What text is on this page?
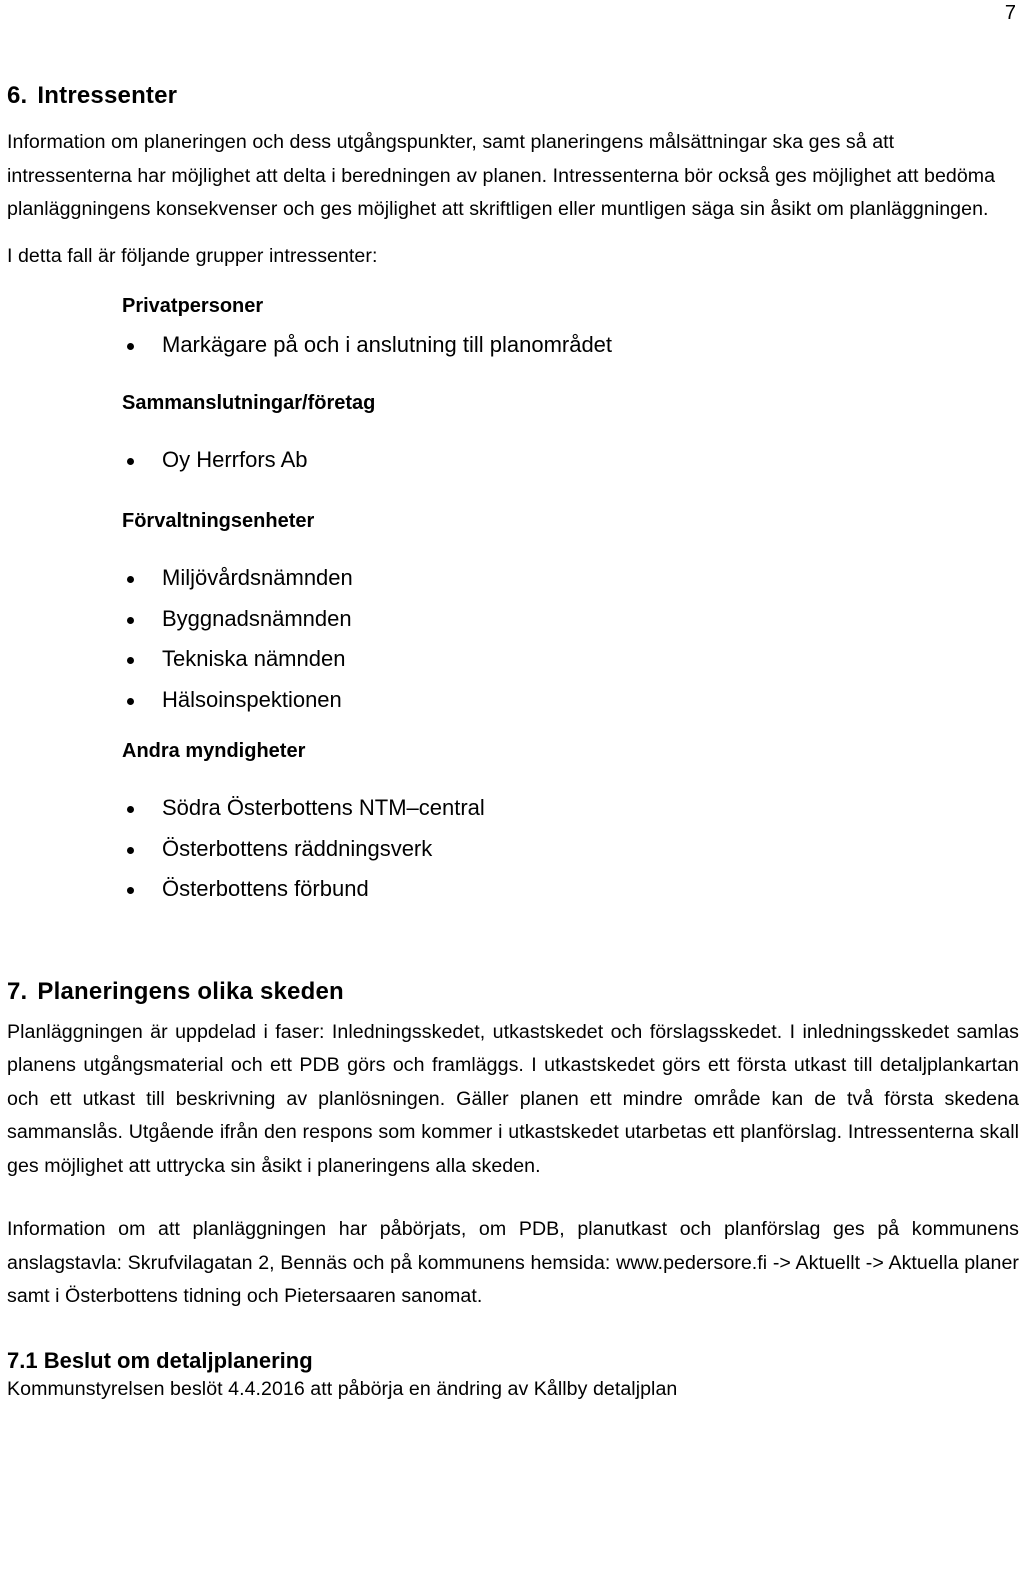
7
6. Intressenter

Information om planeringen och dess utgångspunkter, samt planeringens målsättningar ska ges så att intressenterna har möjlighet att delta i beredningen av planen. Intressenterna bör också ges möjlighet att bedöma planläggningens konsekvenser och ges möjlighet att skriftligen eller muntligen säga sin åsikt om planläggningen.

I detta fall är följande grupper intressenter:

Privatpersoner
Markägare på och i anslutning till planområdet
Sammanslutningar/företag
Oy Herrfors Ab
Förvaltningsenheter
Miljövårdsnämnden
Byggnadsnämnden
Tekniska nämnden
Hälsoinspektionen
Andra myndigheter
Södra Österbottens NTM–central
Österbottens räddningsverk
Österbottens förbund
7. Planeringens olika skeden

Planläggningen är uppdelad i faser: Inledningsskedet, utkastskedet och förslagsskedet. I inledningsskedet samlas planens utgångsmaterial och ett PDB görs och framläggs. I utkastskedet görs ett första utkast till detaljplankartan och ett utkast till beskrivning av planlösningen. Gäller planen ett mindre område kan de två första skedena sammanslås. Utgående ifrån den respons som kommer i utkastskedet utarbetas ett planförslag. Intressenterna skall ges möjlighet att uttrycka sin åsikt i planeringens alla skeden.

Information om att planläggningen har påbörjats, om PDB, planutkast och planförslag ges på kommunens anslagstavla: Skrufvilagatan 2, Bennäs och på kommunens hemsida: www.pedersore.fi -> Aktuellt -> Aktuella planer samt i Österbottens tidning och Pietersaaren sanomat.

7.1 Beslut om detaljplanering

Kommunstyrelsen beslöt 4.4.2016 att påbörja en ändring av Kållby detaljplan
